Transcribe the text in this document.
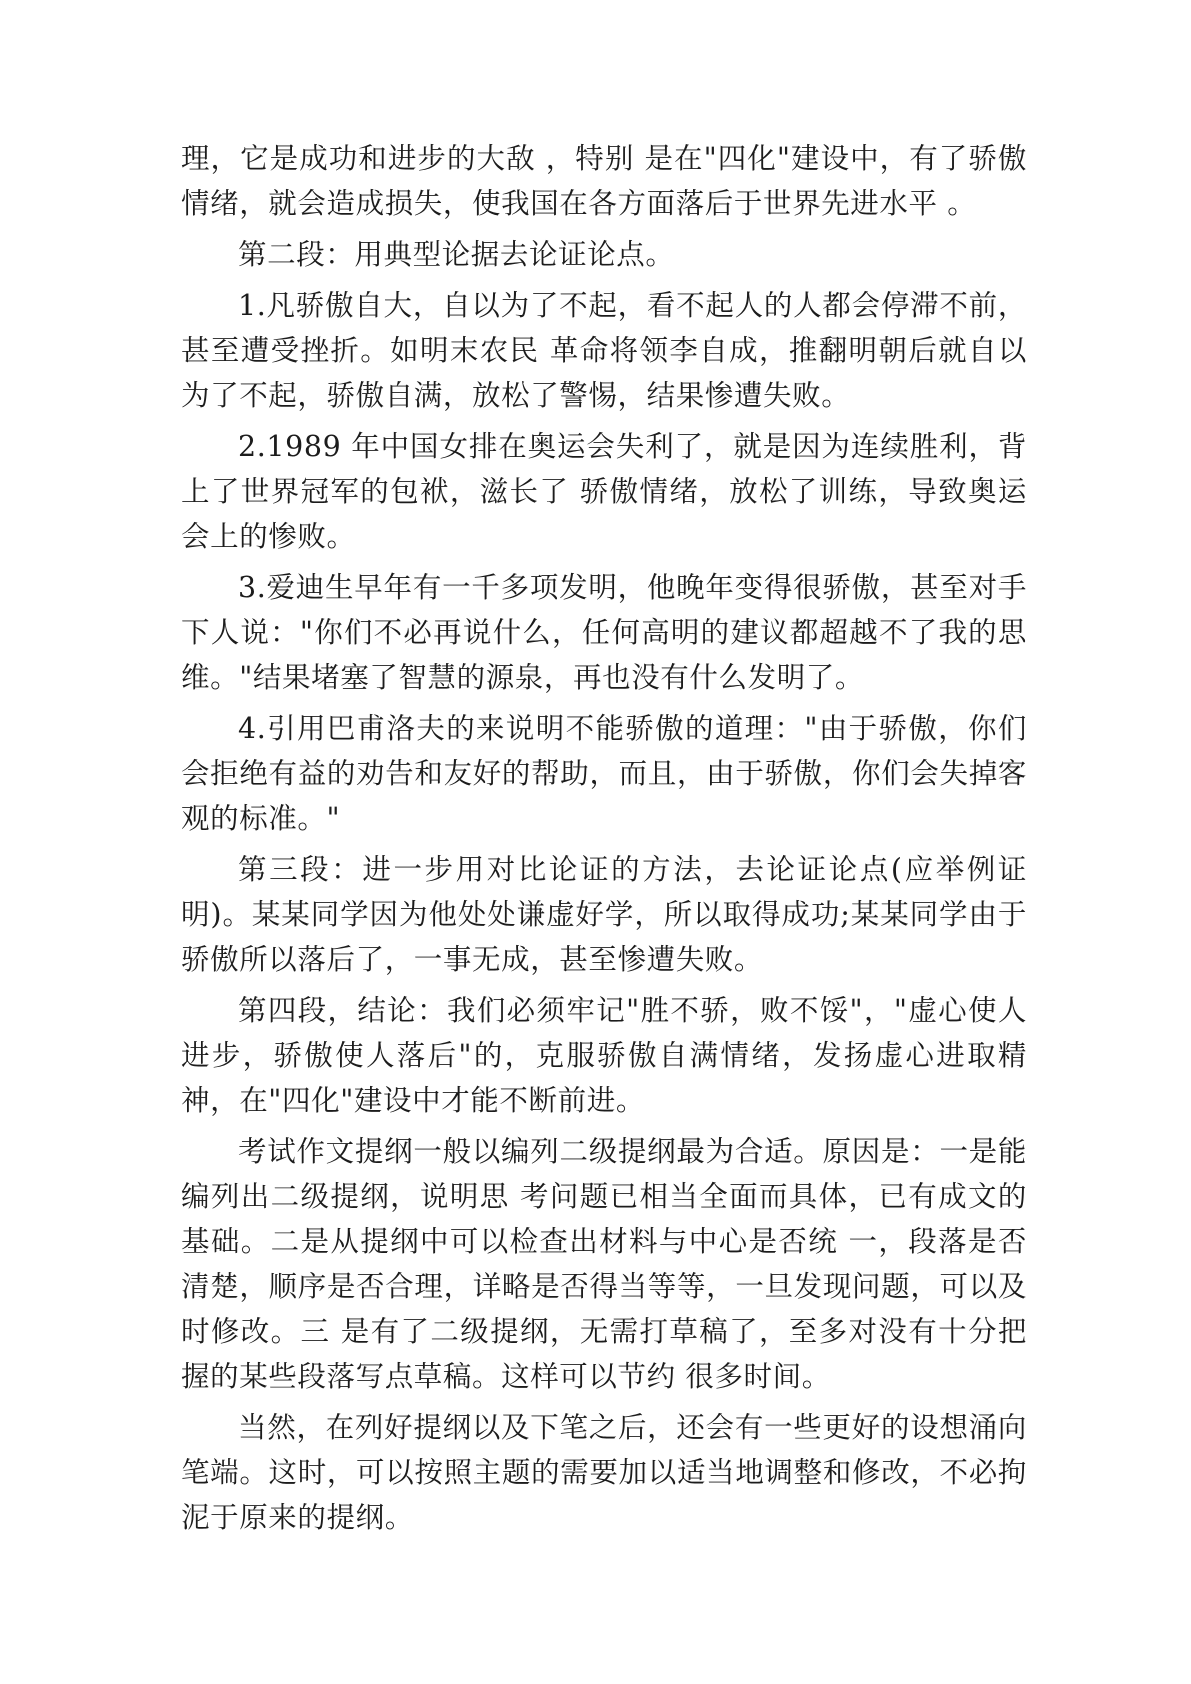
理，它是成功和进步的大敌 ，特别 是在"四化"建设中，有了骄傲情绪，就会造成损失，使我国在各方面落后于世界先进水平 。

第二段：用典型论据去论证论点。

1.凡骄傲自大，自以为了不起，看不起人的人都会停滞不前，甚至遭受挫折。如明末农民 革命将领李自成，推翻明朝后就自以为了不起，骄傲自满，放松了警惕，结果惨遭失败。

2.1989 年中国女排在奥运会失利了，就是因为连续胜利，背上了世界冠军的包袱，滋长了 骄傲情绪，放松了训练，导致奥运会上的惨败。

3.爱迪生早年有一千多项发明，他晚年变得很骄傲，甚至对手下人说："你们不必再说什么，任何高明的建议都超越不了我的思维。"结果堵塞了智慧的源泉，再也没有什么发明了。

4.引用巴甫洛夫的来说明不能骄傲的道理："由于骄傲，你们会拒绝有益的劝告和友好的帮助，而且，由于骄傲，你们会失掉客观的标准。"

第三段：进一步用对比论证的方法，去论证论点(应举例证明)。某某同学因为他处处谦虚好学，所以取得成功;某某同学由于骄傲所以落后了，一事无成，甚至惨遭失败。

第四段，结论：我们必须牢记"胜不骄，败不馁"，"虚心使人进步，骄傲使人落后"的，克服骄傲自满情绪，发扬虚心进取精神，在"四化"建设中才能不断前进。

考试作文提纲一般以编列二级提纲最为合适。原因是：一是能编列出二级提纲，说明思 考问题已相当全面而具体，已有成文的基础。二是从提纲中可以检查出材料与中心是否统 一，段落是否清楚，顺序是否合理，详略是否得当等等，一旦发现问题，可以及时修改。三 是有了二级提纲，无需打草稿了，至多对没有十分把握的某些段落写点草稿。这样可以节约 很多时间。

当然，在列好提纲以及下笔之后，还会有一些更好的设想涌向笔端。这时，可以按照主题的需要加以适当地调整和修改，不必拘泥于原来的提纲。
